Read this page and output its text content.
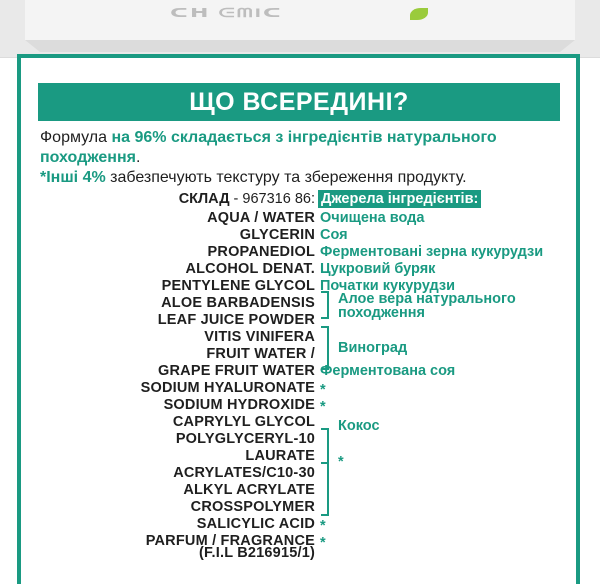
ᑕᕼ ᕮᗰIᑕ
ЩО ВСЕРЕДИНІ?

Формула на 96% складається з інгредієнтів натурального походження.

*Інші 4% забезпечують текстуру та збереження продукту.

СКЛАД - 967316 86: Джерела інгредієнтів:
AQUA / WATER
GLYCERIN
PROPANEDIOL
ALCOHOL DENAT.
PENTYLENE GLYCOL
ALOE BARBADENSIS
LEAF JUICE POWDER
VITIS VINIFERA
FRUIT WATER /
GRAPE FRUIT WATER
SODIUM HYALURONATE
SODIUM HYDROXIDE
CAPRYLYL GLYCOL
POLYGLYCERYL-10
LAURATE
ACRYLATES/C10-30
ALKYL ACRYLATE
CROSSPOLYMER
SALICYLIC ACID
PARFUM / FRAGRANCE
(F.I.L B216915/1)
Очищена вода
Соя
Ферментовані зерна кукурудзи
Цукровий буряк
Початки кукурудзи
Алое вера натурального
походження
Виноград
Ферментована соя
*
*
Кокос
*
*
*
